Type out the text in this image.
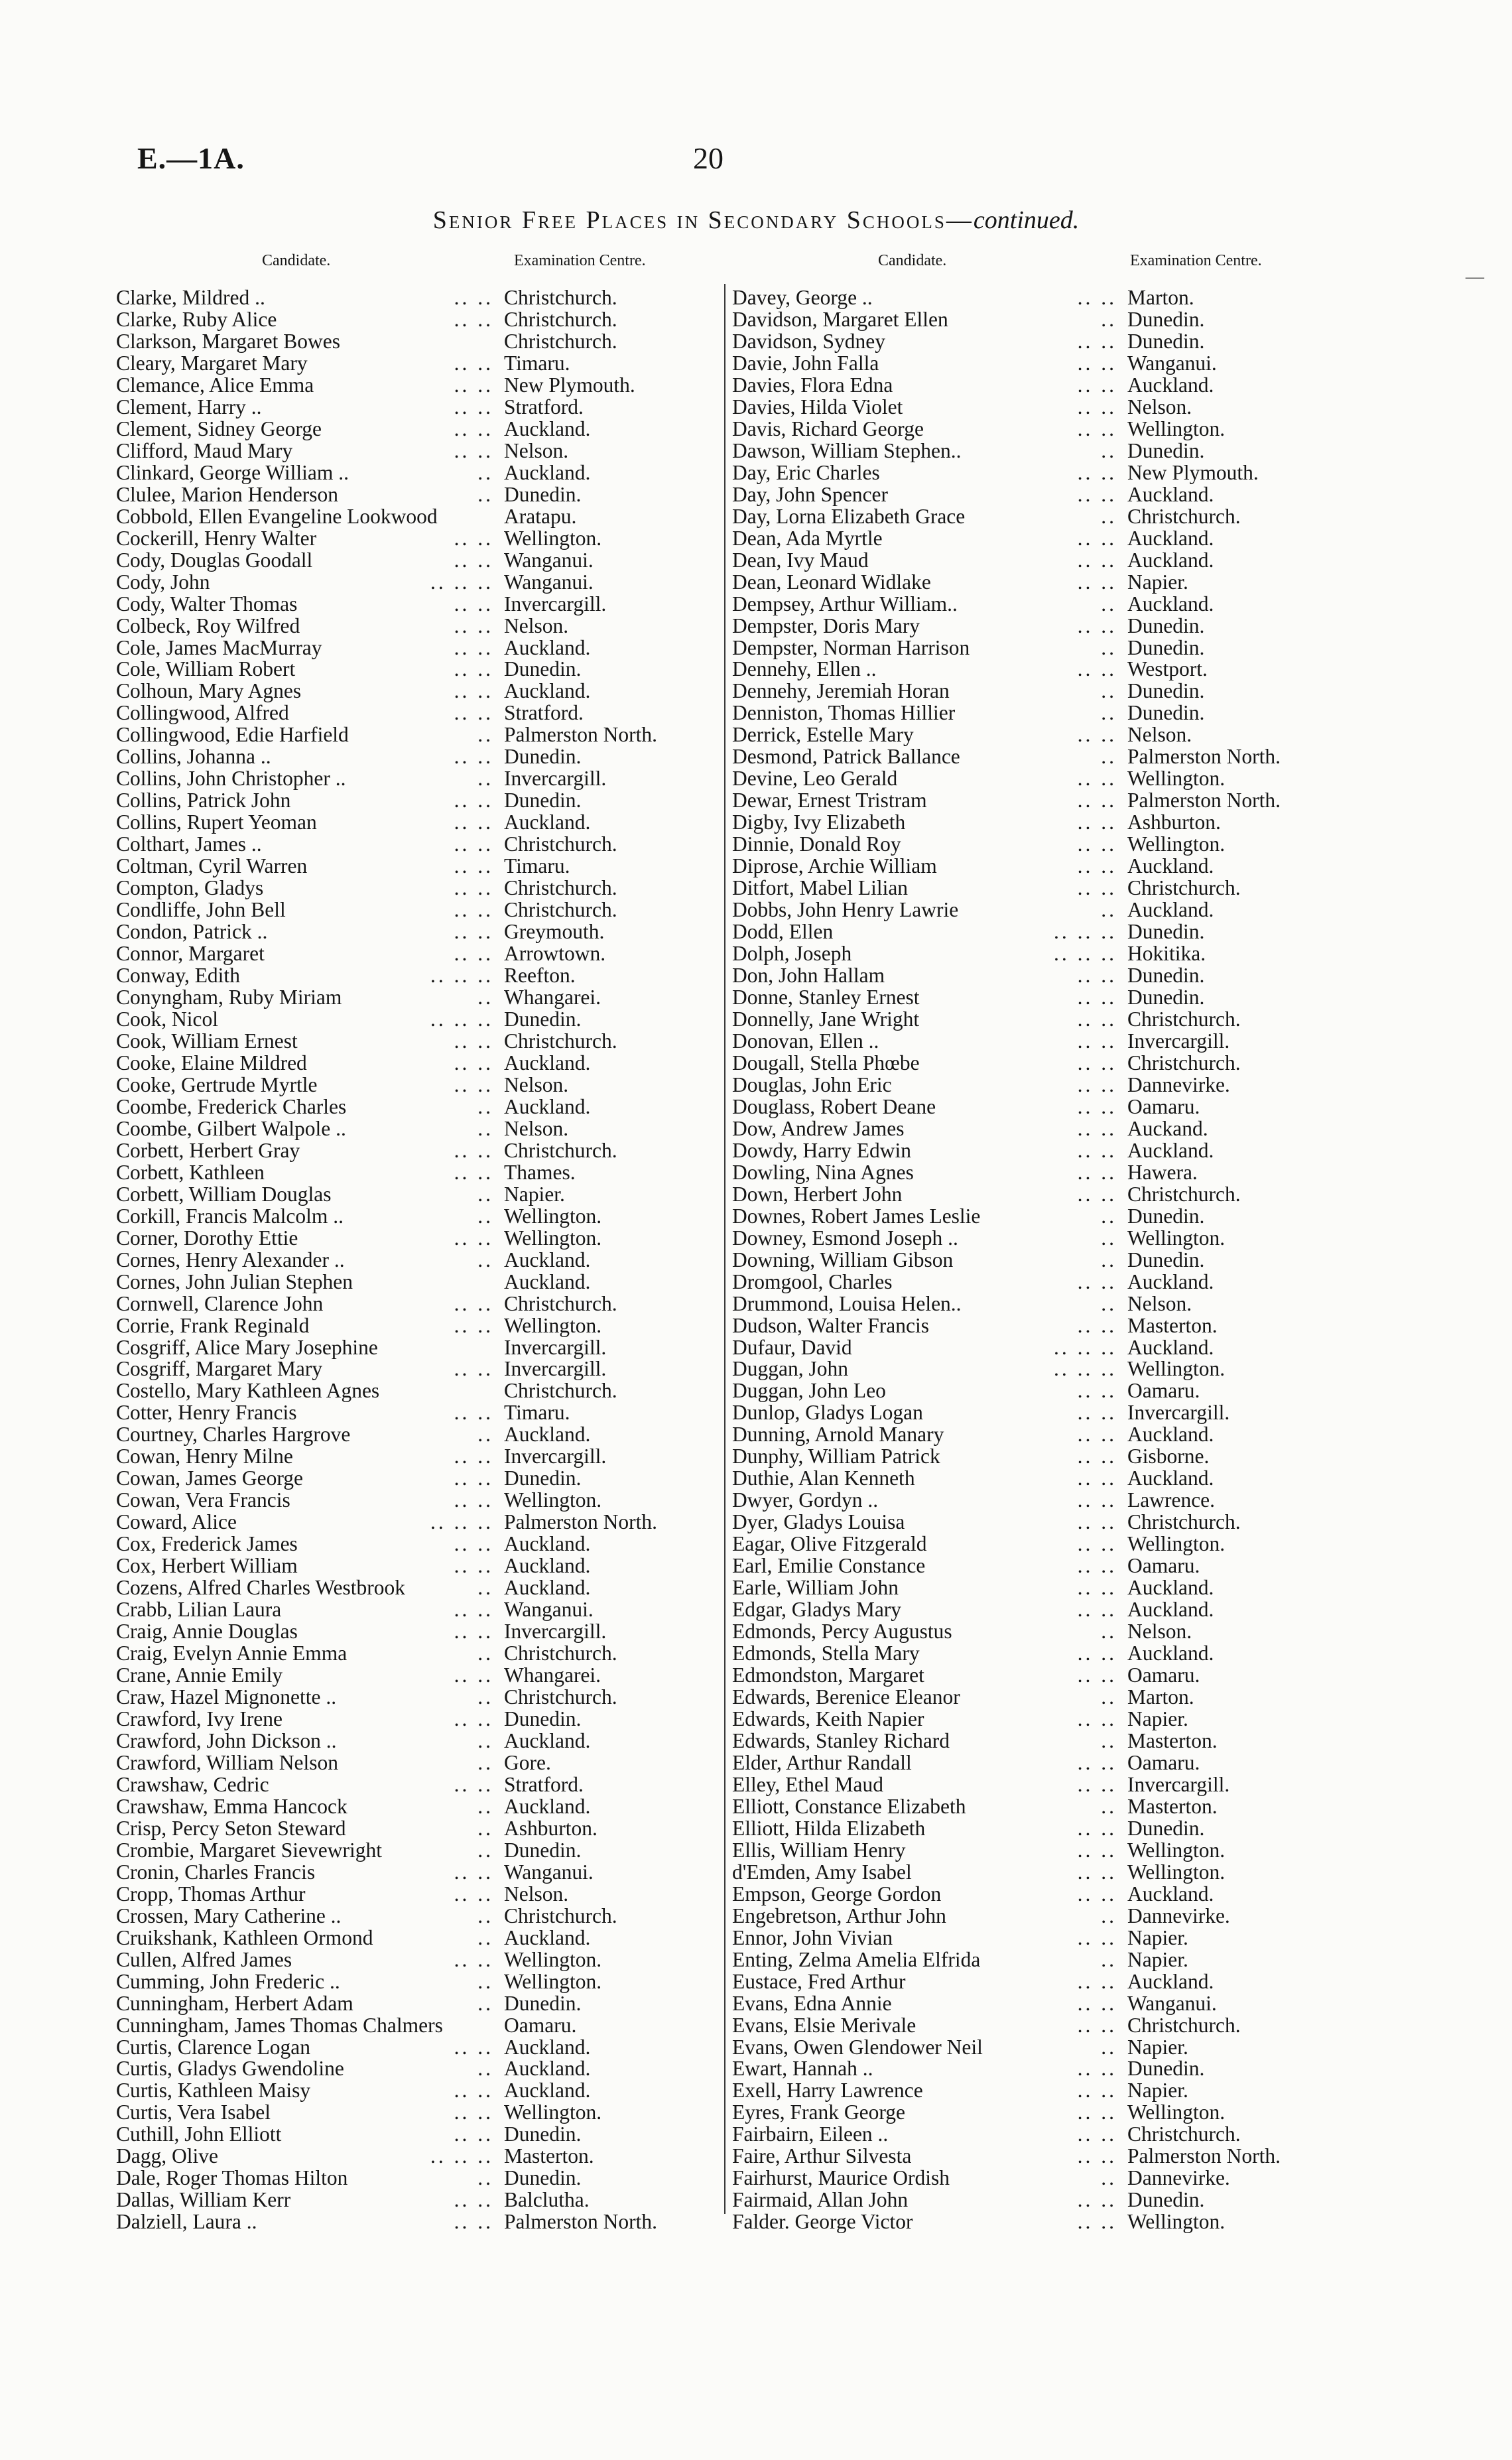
E.—1A.	20
Senior Free Places in Secondary Schools—continued.
Candidate.	Examination Centre.
Clarke, Mildred ..	.. .. Christchurch.
Clarke, Ruby Alice	.. .. Christchurch.
Clarkson, Margaret Bowes	Christchurch.
Cleary, Margaret Mary	.. .. Timaru.
Clemance, Alice Emma	.. .. New Plymouth.
Clement, Harry ..	.. .. Stratford.
Clement, Sidney George	.. .. Auckland.
Clifford, Maud Mary	.. .. Nelson.
Clinkard, George William ..	.. Auckland.
Clulee, Marion Henderson	.. Dunedin.
Cobbold, Ellen Evangeline Lookwood	Aratapu.
Cockerill, Henry Walter	.. .. Wellington.
Cody, Douglas Goodall	.. .. Wanganui.
Cody, John	.. .. .. Wanganui.
Cody, Walter Thomas	.. .. Invercargill.
Colbeck, Roy Wilfred	.. .. Nelson.
Cole, James MacMurray	.. .. Auckland.
Cole, William Robert	.. .. Dunedin.
Colhoun, Mary Agnes	.. .. Auckland.
Collingwood, Alfred	.. .. Stratford.
Collingwood, Edie Harfield	.. Palmerston North.
Collins, Johanna ..	.. .. Dunedin.
Collins, John Christopher ..	.. Invercargill.
Collins, Patrick John	.. .. Dunedin.
Collins, Rupert Yeoman	.. .. Auckland.
Colthart, James ..	.. .. Christchurch.
Coltman, Cyril Warren	.. .. Timaru.
Compton, Gladys	.. .. Christchurch.
Condliffe, John Bell	.. .. Christchurch.
Condon, Patrick ..	.. .. Greymouth.
Connor, Margaret	.. .. Arrowtown.
Conway, Edith	.. .. .. Reefton.
Conyngham, Ruby Miriam	.. Whangarei.
Cook, Nicol	.. .. .. Dunedin.
Cook, William Ernest	.. .. Christchurch.
Cooke, Elaine Mildred	.. .. Auckland.
Cooke, Gertrude Myrtle	.. .. Nelson.
Coombe, Frederick Charles	.. Auckland.
Coombe, Gilbert Walpole ..	.. Nelson.
Corbett, Herbert Gray	.. .. Christchurch.
Corbett, Kathleen	.. .. Thames.
Corbett, William Douglas	.. Napier.
Corkill, Francis Malcolm ..	.. Wellington.
Corner, Dorothy Ettie	.. .. Wellington.
Cornes, Henry Alexander ..	.. Auckland.
Cornes, John Julian Stephen	Auckland.
Cornwell, Clarence John	.. .. Christchurch.
Corrie, Frank Reginald	.. .. Wellington.
Cosgriff, Alice Mary Josephine	Invercargill.
Cosgriff, Margaret Mary	.. .. Invercargill.
Costello, Mary Kathleen Agnes	Christchurch.
Cotter, Henry Francis	.. .. Timaru.
Courtney, Charles Hargrove	.. Auckland.
Cowan, Henry Milne	.. .. Invercargill.
Cowan, James George	.. .. Dunedin.
Cowan, Vera Francis	.. .. Wellington.
Coward, Alice	.. .. .. Palmerston North.
Cox, Frederick James	.. .. Auckland.
Cox, Herbert William	.. .. Auckland.
Cozens, Alfred Charles Westbrook	.. Auckland.
Crabb, Lilian Laura	.. .. Wanganui.
Craig, Annie Douglas	.. .. Invercargill.
Craig, Evelyn Annie Emma	.. Christchurch.
Crane, Annie Emily	.. .. Whangarei.
Craw, Hazel Mignonette ..	.. Christchurch.
Crawford, Ivy Irene	.. .. Dunedin.
Crawford, John Dickson ..	.. Auckland.
Crawford, William Nelson	.. Gore.
Crawshaw, Cedric	.. .. Stratford.
Crawshaw, Emma Hancock	.. Auckland.
Crisp, Percy Seton Steward	.. Ashburton.
Crombie, Margaret Sievewright	.. Dunedin.
Cronin, Charles Francis	.. .. Wanganui.
Cropp, Thomas Arthur	.. .. Nelson.
Crossen, Mary Catherine ..	.. Christchurch.
Cruikshank, Kathleen Ormond	.. Auckland.
Cullen, Alfred James	.. .. Wellington.
Cumming, John Frederic ..	.. Wellington.
Cunningham, Herbert Adam	.. Dunedin.
Cunningham, James Thomas Chalmers	Oamaru.
Curtis, Clarence Logan	.. .. Auckland.
Curtis, Gladys Gwendoline	.. Auckland.
Curtis, Kathleen Maisy	.. .. Auckland.
Curtis, Vera Isabel	.. .. Wellington.
Cuthill, John Elliott	.. .. Dunedin.
Dagg, Olive	.. .. .. Masterton.
Dale, Roger Thomas Hilton	.. Dunedin.
Dallas, William Kerr	.. .. Balclutha.
Dalziell, Laura ..	.. .. Palmerston North.
Candidate.	Examination Centre.
Davey, George ..	.. .. Marton.
Davidson, Margaret Ellen	.. Dunedin.
Davidson, Sydney	.. .. Dunedin.
Davie, John Falla	.. .. Wanganui.
Davies, Flora Edna	.. .. Auckland.
Davies, Hilda Violet	.. .. Nelson.
Davis, Richard George	.. .. Wellington.
Dawson, William Stephen..	.. Dunedin.
Day, Eric Charles	.. .. New Plymouth.
Day, John Spencer	.. .. Auckland.
Day, Lorna Elizabeth Grace	.. Christchurch.
Dean, Ada Myrtle	.. .. Auckland.
Dean, Ivy Maud	.. .. Auckland.
Dean, Leonard Widlake	.. .. Napier.
Dempsey, Arthur William..	.. Auckland.
Dempster, Doris Mary	.. .. Dunedin.
Dempster, Norman Harrison	.. Dunedin.
Dennehy, Ellen ..	.. .. Westport.
Dennehy, Jeremiah Horan	.. Dunedin.
Denniston, Thomas Hillier	.. Dunedin.
Derrick, Estelle Mary	.. .. Nelson.
Desmond, Patrick Ballance	.. Palmerston North.
Devine, Leo Gerald	.. .. Wellington.
Dewar, Ernest Tristram	.. .. Palmerston North.
Digby, Ivy Elizabeth	.. .. Ashburton.
Dinnie, Donald Roy	.. .. Wellington.
Diprose, Archie William	.. .. Auckland.
Ditfort, Mabel Lilian	.. .. Christchurch.
Dobbs, John Henry Lawrie	.. Auckland.
Dodd, Ellen	.. .. .. Dunedin.
Dolph, Joseph	.. .. .. Hokitika.
Don, John Hallam	.. .. Dunedin.
Donne, Stanley Ernest	.. .. Dunedin.
Donnelly, Jane Wright	.. .. Christchurch.
Donovan, Ellen ..	.. .. Invercargill.
Dougall, Stella Phœbe	.. .. Christchurch.
Douglas, John Eric	.. .. Dannevirke.
Douglass, Robert Deane	.. .. Oamaru.
Dow, Andrew James	.. .. Auckand.
Dowdy, Harry Edwin	.. .. Auckland.
Dowling, Nina Agnes	.. .. Hawera.
Down, Herbert John	.. .. Christchurch.
Downes, Robert James Leslie	.. Dunedin.
Downey, Esmond Joseph ..	.. Wellington.
Downing, William Gibson	.. Dunedin.
Dromgool, Charles	.. .. Auckland.
Drummond, Louisa Helen..	.. Nelson.
Dudson, Walter Francis	.. .. Masterton.
Dufaur, David	.. .. .. Auckland.
Duggan, John	.. .. .. Wellington.
Duggan, John Leo	.. .. Oamaru.
Dunlop, Gladys Logan	.. .. Invercargill.
Dunning, Arnold Manary	.. .. Auckland.
Dunphy, William Patrick	.. .. Gisborne.
Duthie, Alan Kenneth	.. .. Auckland.
Dwyer, Gordyn ..	.. .. Lawrence.
Dyer, Gladys Louisa	.. .. Christchurch.
Eagar, Olive Fitzgerald	.. .. Wellington.
Earl, Emilie Constance	.. .. Oamaru.
Earle, William John	.. .. Auckland.
Edgar, Gladys Mary	.. .. Auckland.
Edmonds, Percy Augustus	.. Nelson.
Edmonds, Stella Mary	.. .. Auckland.
Edmondston, Margaret	.. .. Oamaru.
Edwards, Berenice Eleanor	.. Marton.
Edwards, Keith Napier	.. .. Napier.
Edwards, Stanley Richard	.. Masterton.
Elder, Arthur Randall	.. .. Oamaru.
Elley, Ethel Maud	.. .. Invercargill.
Elliott, Constance Elizabeth	.. Masterton.
Elliott, Hilda Elizabeth	.. .. Dunedin.
Ellis, William Henry	.. .. Wellington.
d'Emden, Amy Isabel	.. .. Wellington.
Empson, George Gordon	.. .. Auckland.
Engebretson, Arthur John	.. Dannevirke.
Ennor, John Vivian	.. .. Napier.
Enting, Zelma Amelia Elfrida	.. Napier.
Eustace, Fred Arthur	.. .. Auckland.
Evans, Edna Annie	.. .. Wanganui.
Evans, Elsie Merivale	.. .. Christchurch.
Evans, Owen Glendower Neil	.. Napier.
Ewart, Hannah ..	.. .. Dunedin.
Exell, Harry Lawrence	.. .. Napier.
Eyres, Frank George	.. .. Wellington.
Fairbairn, Eileen ..	.. .. Christchurch.
Faire, Arthur Silvesta	.. .. Palmerston North.
Fairhurst, Maurice Ordish	.. Dannevirke.
Fairmaid, Allan John	.. .. Dunedin.
Falder. George Victor	.. .. Wellington.
—
